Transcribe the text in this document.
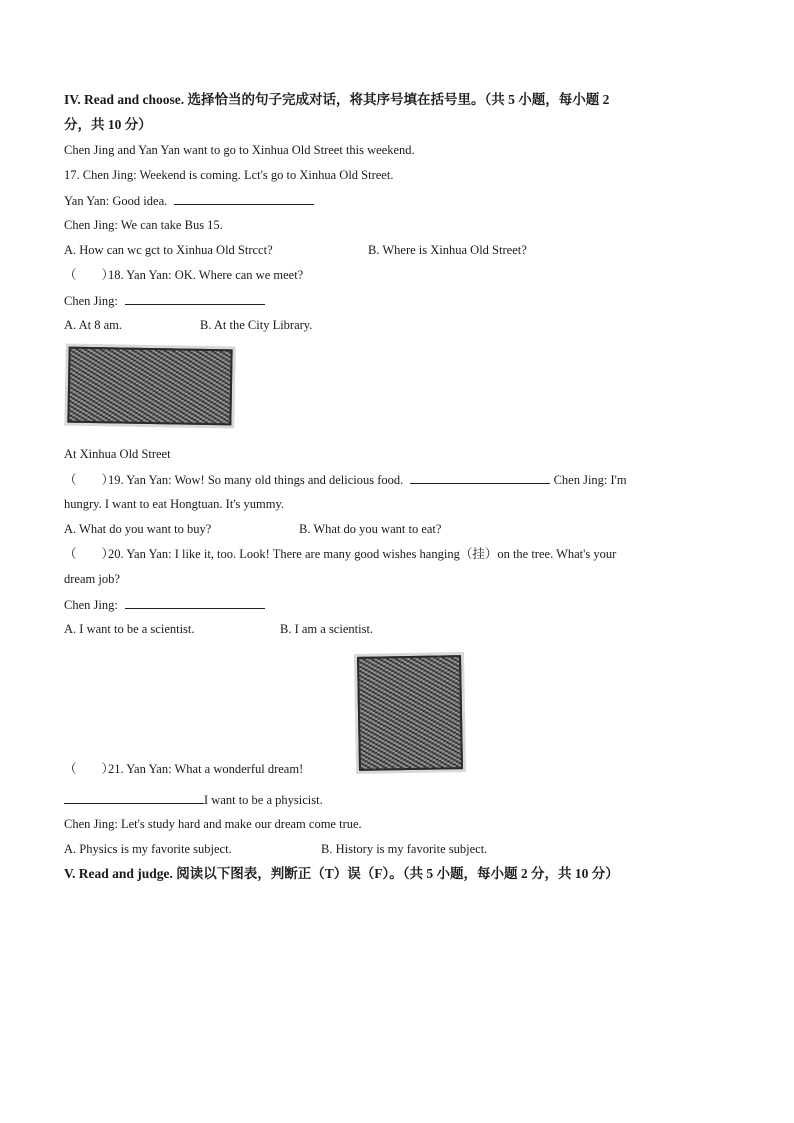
IV. Read and choose. 选择恰当的句子完成对话，将其序号填在括号里。（共 5 小题，每小题 2
分，共 10 分）
Chen Jing and Yan Yan want to go to Xinhua Old Street this weekend.
17. Chen Jing: Weekend is coming. Lct's go to Xinhua Old Street.
Yan Yan: Good idea.
Chen Jing: We can take Bus 15.
A. How can wc gct to Xinhua Old Strcct?	B. Where is Xinhua Old Street?
（　　）18. Yan Yan: OK. Where can we meet?
Chen Jing:
A. At 8 am.	B. At the City Library.
At Xinhua Old Street
（　　）19. Yan Yan: Wow! So many old things and delicious food.	Chen Jing: I'm
hungry. I want to eat Hongtuan. It's yummy.
A. What do you want to buy?	B. What do you want to eat?
（　　）20. Yan Yan: I like it, too. Look! There are many good wishes hanging（挂）on the tree. What's your
dream job?
Chen Jing:
A. I want to be a scientist.	B. I am a scientist.
（　　）21. Yan Yan: What a wonderful dream!
I want to be a physicist.
Chen Jing: Let's study hard and make our dream come true.
A. Physics is my favorite subject.	B. History is my favorite subject.
V. Read and judge. 阅读以下图表，判断正（T）误（F）。（共 5 小题，每小题 2 分，共 10 分）
